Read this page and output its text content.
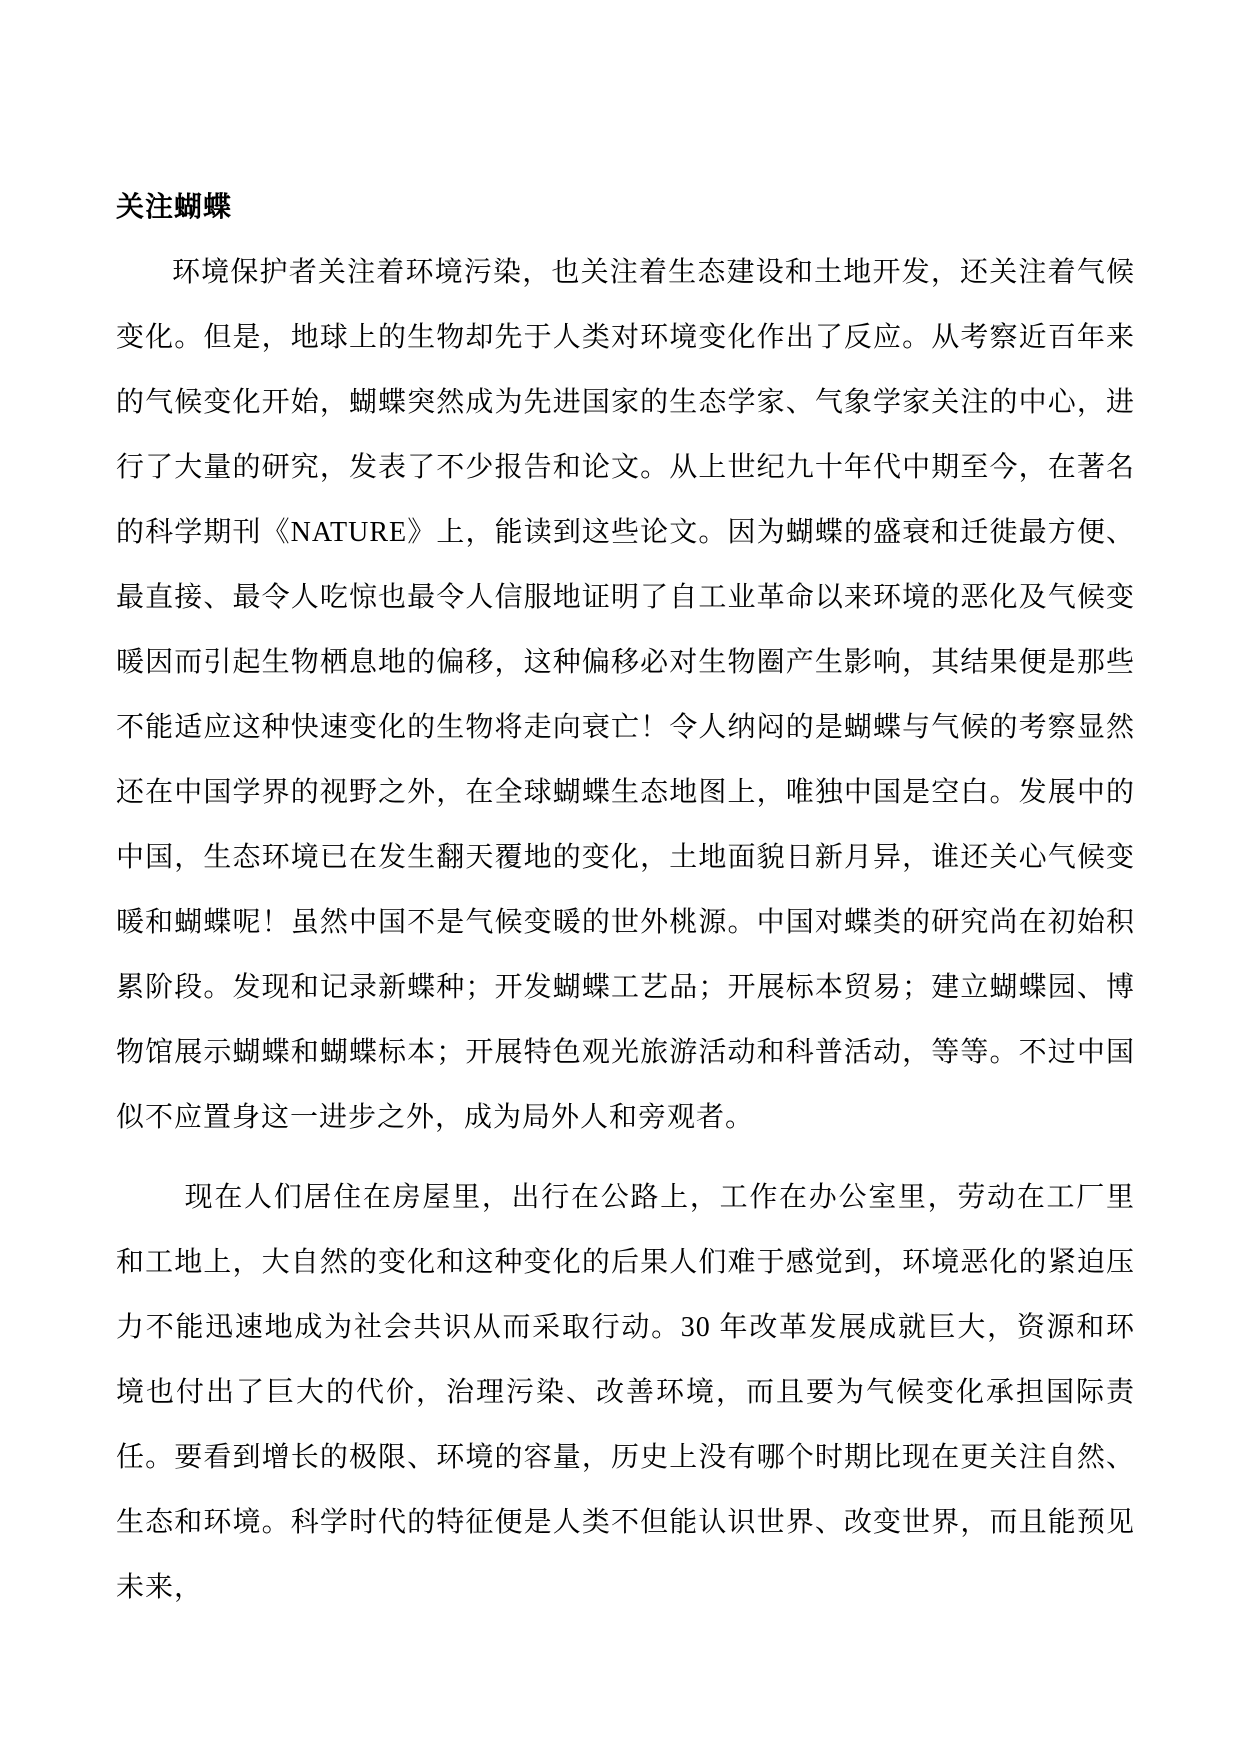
关注蝴蝶

环境保护者关注着环境污染，也关注着生态建设和土地开发，还关注着气候变化。但是，地球上的生物却先于人类对环境变化作出了反应。从考察近百年来的气候变化开始，蝴蝶突然成为先进国家的生态学家、气象学家关注的中心，进行了大量的研究，发表了不少报告和论文。从上世纪九十年代中期至今，在著名的科学期刊《NATURE》上，能读到这些论文。因为蝴蝶的盛衰和迁徙最方便、最直接、最令人吃惊也最令人信服地证明了自工业革命以来环境的恶化及气候变暖因而引起生物栖息地的偏移，这种偏移必对生物圈产生影响，其结果便是那些不能适应这种快速变化的生物将走向衰亡！令人纳闷的是蝴蝶与气候的考察显然还在中国学界的视野之外，在全球蝴蝶生态地图上，唯独中国是空白。发展中的中国，生态环境已在发生翻天覆地的变化，土地面貌日新月异，谁还关心气候变暖和蝴蝶呢！虽然中国不是气候变暖的世外桃源。中国对蝶类的研究尚在初始积累阶段。发现和记录新蝶种；开发蝴蝶工艺品；开展标本贸易；建立蝴蝶园、博物馆展示蝴蝶和蝴蝶标本；开展特色观光旅游活动和科普活动，等等。不过中国似不应置身这一进步之外，成为局外人和旁观者。

现在人们居住在房屋里，出行在公路上，工作在办公室里，劳动在工厂里和工地上，大自然的变化和这种变化的后果人们难于感觉到，环境恶化的紧迫压力不能迅速地成为社会共识从而采取行动。30 年改革发展成就巨大，资源和环境也付出了巨大的代价，治理污染、改善环境，而且要为气候变化承担国际责任。要看到增长的极限、环境的容量，历史上没有哪个时期比现在更关注自然、生态和环境。科学时代的特征便是人类不但能认识世界、改变世界，而且能预见未来，
